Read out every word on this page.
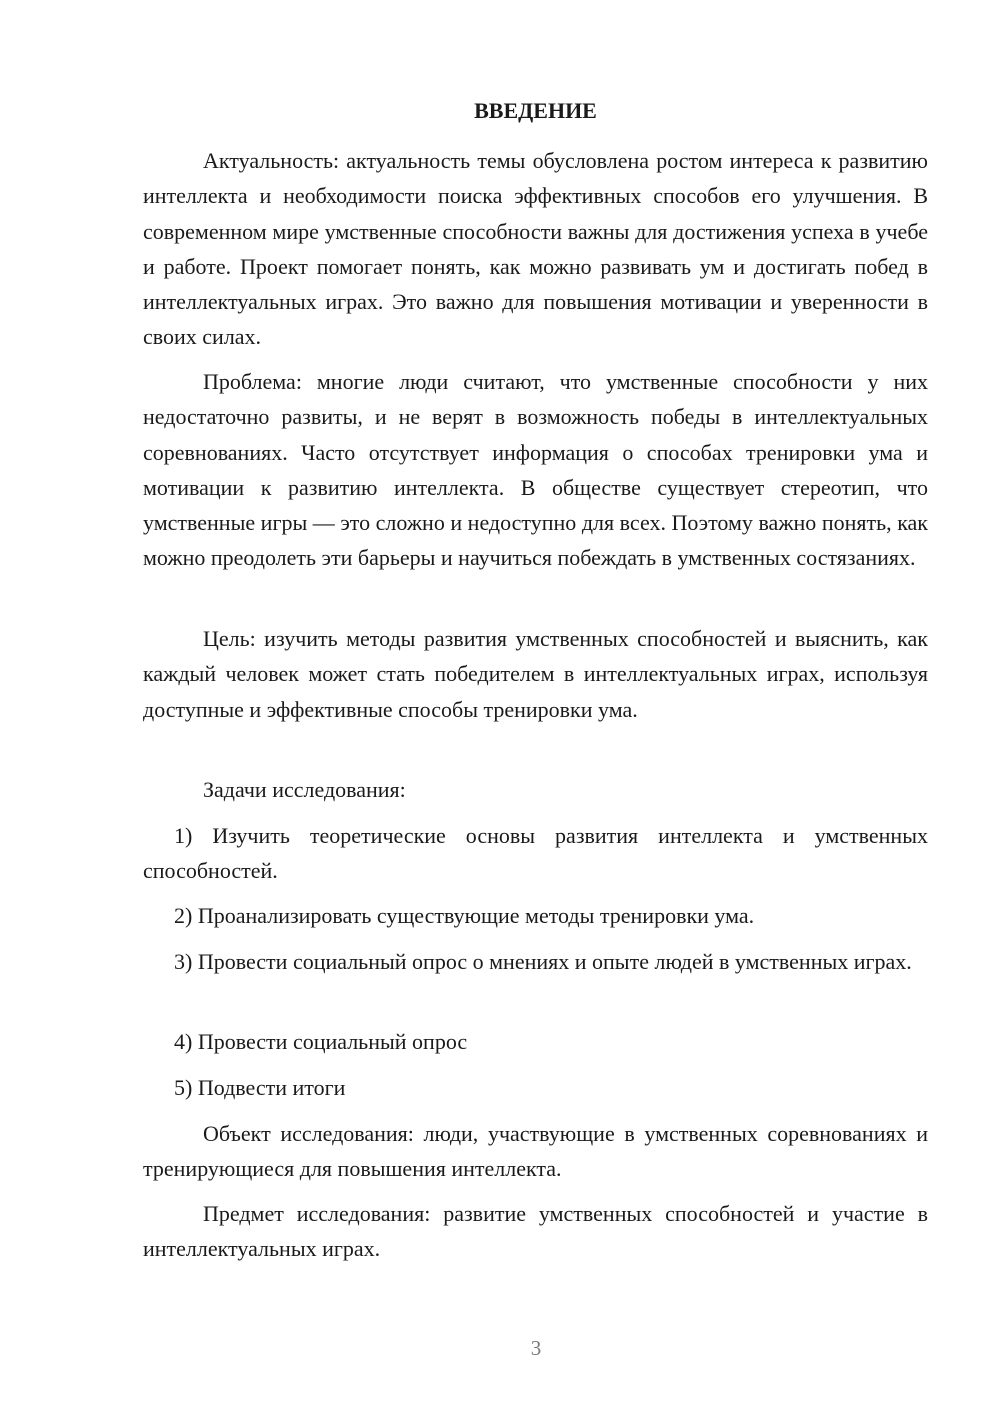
ВВЕДЕНИЕ

Актуальность: актуальность темы обусловлена ростом интереса к развитию интеллекта и необходимости поиска эффективных способов его улучшения. В современном мире умственные способности важны для достижения успеха в учебе и работе. Проект помогает понять, как можно развивать ум и достигать побед в интеллектуальных играх. Это важно для повышения мотивации и уверенности в своих силах.

Проблема: многие люди считают, что умственные способности у них недостаточно развиты, и не верят в возможность победы в интеллектуальных соревнованиях. Часто отсутствует информация о способах тренировки ума и мотивации к развитию интеллекта. В обществе существует стереотип, что умственные игры — это сложно и недоступно для всех. Поэтому важно понять, как можно преодолеть эти барьеры и научиться побеждать в умственных состязаниях.

Цель: изучить методы развития умственных способностей и выяснить, как каждый человек может стать победителем в интеллектуальных играх, используя доступные и эффективные способы тренировки ума.

Задачи исследования:

1) Изучить теоретические основы развития интеллекта и умственных способностей.

2) Проанализировать существующие методы тренировки ума.

3) Провести социальный опрос о мнениях и опыте людей в умственных играх.

4) Провести социальный опрос

5) Подвести итоги

Объект исследования: люди, участвующие в умственных соревнованиях и тренирующиеся для повышения интеллекта.

Предмет исследования: развитие умственных способностей и участие в интеллектуальных играх.

3
